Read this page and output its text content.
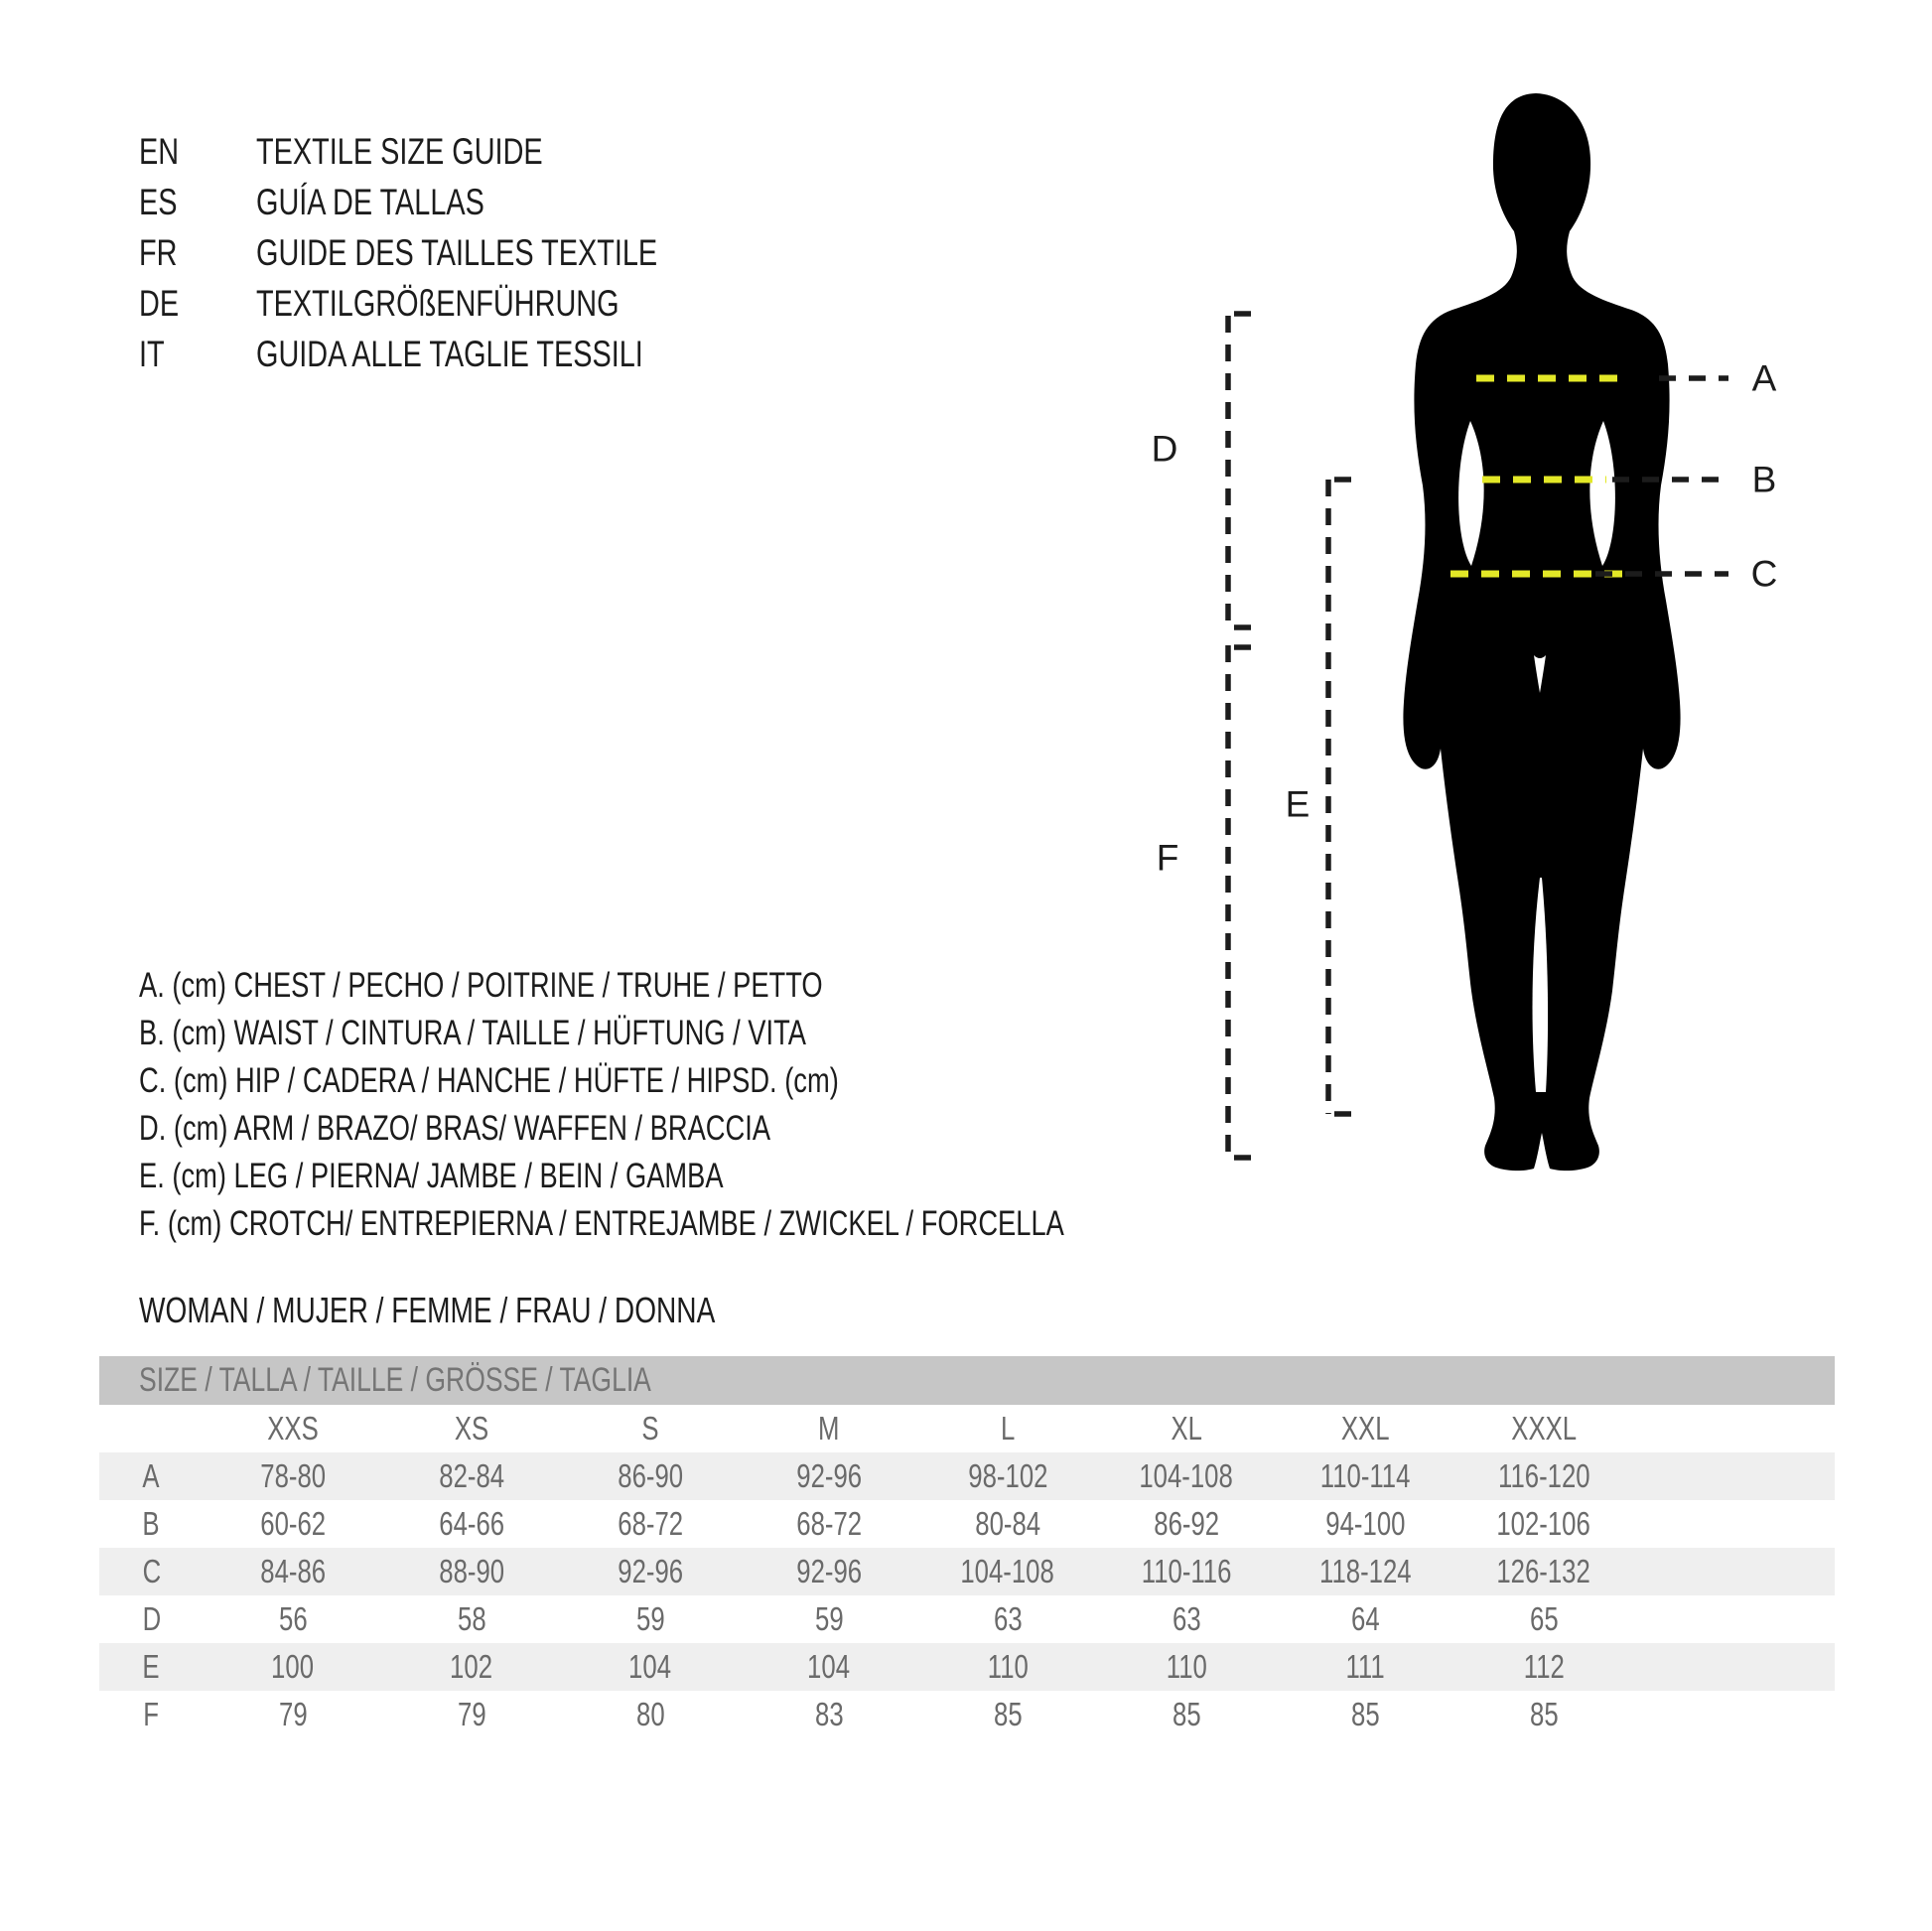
EN	TEXTILE SIZE GUIDE
ES	GUÍA DE TALLAS
FR	GUIDE DES TAILLES TEXTILE
DE	TEXTILGRÖßENFÜHRUNG
IT	GUIDA ALLE TAGLIE TESSILI
A. (cm) CHEST / PECHO / POITRINE / TRUHE / PETTO
B. (cm) WAIST / CINTURA / TAILLE / HÜFTUNG / VITA
C. (cm) HIP / CADERA / HANCHE / HÜFTE / HIPSD. (cm)
D. (cm) ARM / BRAZO/ BRAS/ WAFFEN / BRACCIA
E. (cm) LEG / PIERNA/ JAMBE / BEIN / GAMBA
F. (cm) CROTCH/ ENTREPIERNA / ENTREJAMBE / ZWICKEL / FORCELLA
WOMAN / MUJER / FEMME / FRAU / DONNA
SIZE / TALLA / TAILLE / GRÖSSE / TAGLIA
XXS	XS	S	M	L	XL	XXL	XXXL
A	78-80	82-84	86-90	92-96	98-102	104-108	110-114	116-120
B	60-62	64-66	68-72	68-72	80-84	86-92	94-100	102-106
C	84-86	88-90	92-96	92-96	104-108	110-116	118-124	126-132
D	56	58	59	59	63	63	64	65
E	100	102	104	104	110	110	111	112
F	79	79	80	83	85	85	85	85
A
B
C
D
E
F
